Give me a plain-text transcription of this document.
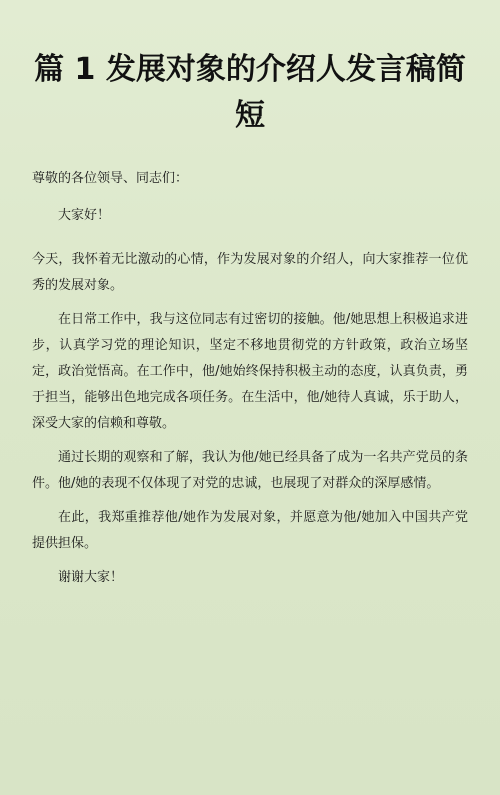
篇 1 发展对象的介绍人发言稿简短

尊敬的各位领导、同志们：

大家好！

今天，我怀着无比激动的心情，作为发展对象的介绍人，向大家推荐一位优秀的发展对象。

在日常工作中，我与这位同志有过密切的接触。他/她思想上积极追求进步，认真学习党的理论知识，坚定不移地贯彻党的方针政策，政治立场坚定，政治觉悟高。在工作中，他/她始终保持积极主动的态度，认真负责，勇于担当，能够出色地完成各项任务。在生活中，他/她待人真诚，乐于助人，深受大家的信赖和尊敬。

通过长期的观察和了解，我认为他/她已经具备了成为一名共产党员的条件。他/她的表现不仅体现了对党的忠诚，也展现了对群众的深厚感情。

在此，我郑重推荐他/她作为发展对象，并愿意为他/她加入中国共产党提供担保。

谢谢大家！
